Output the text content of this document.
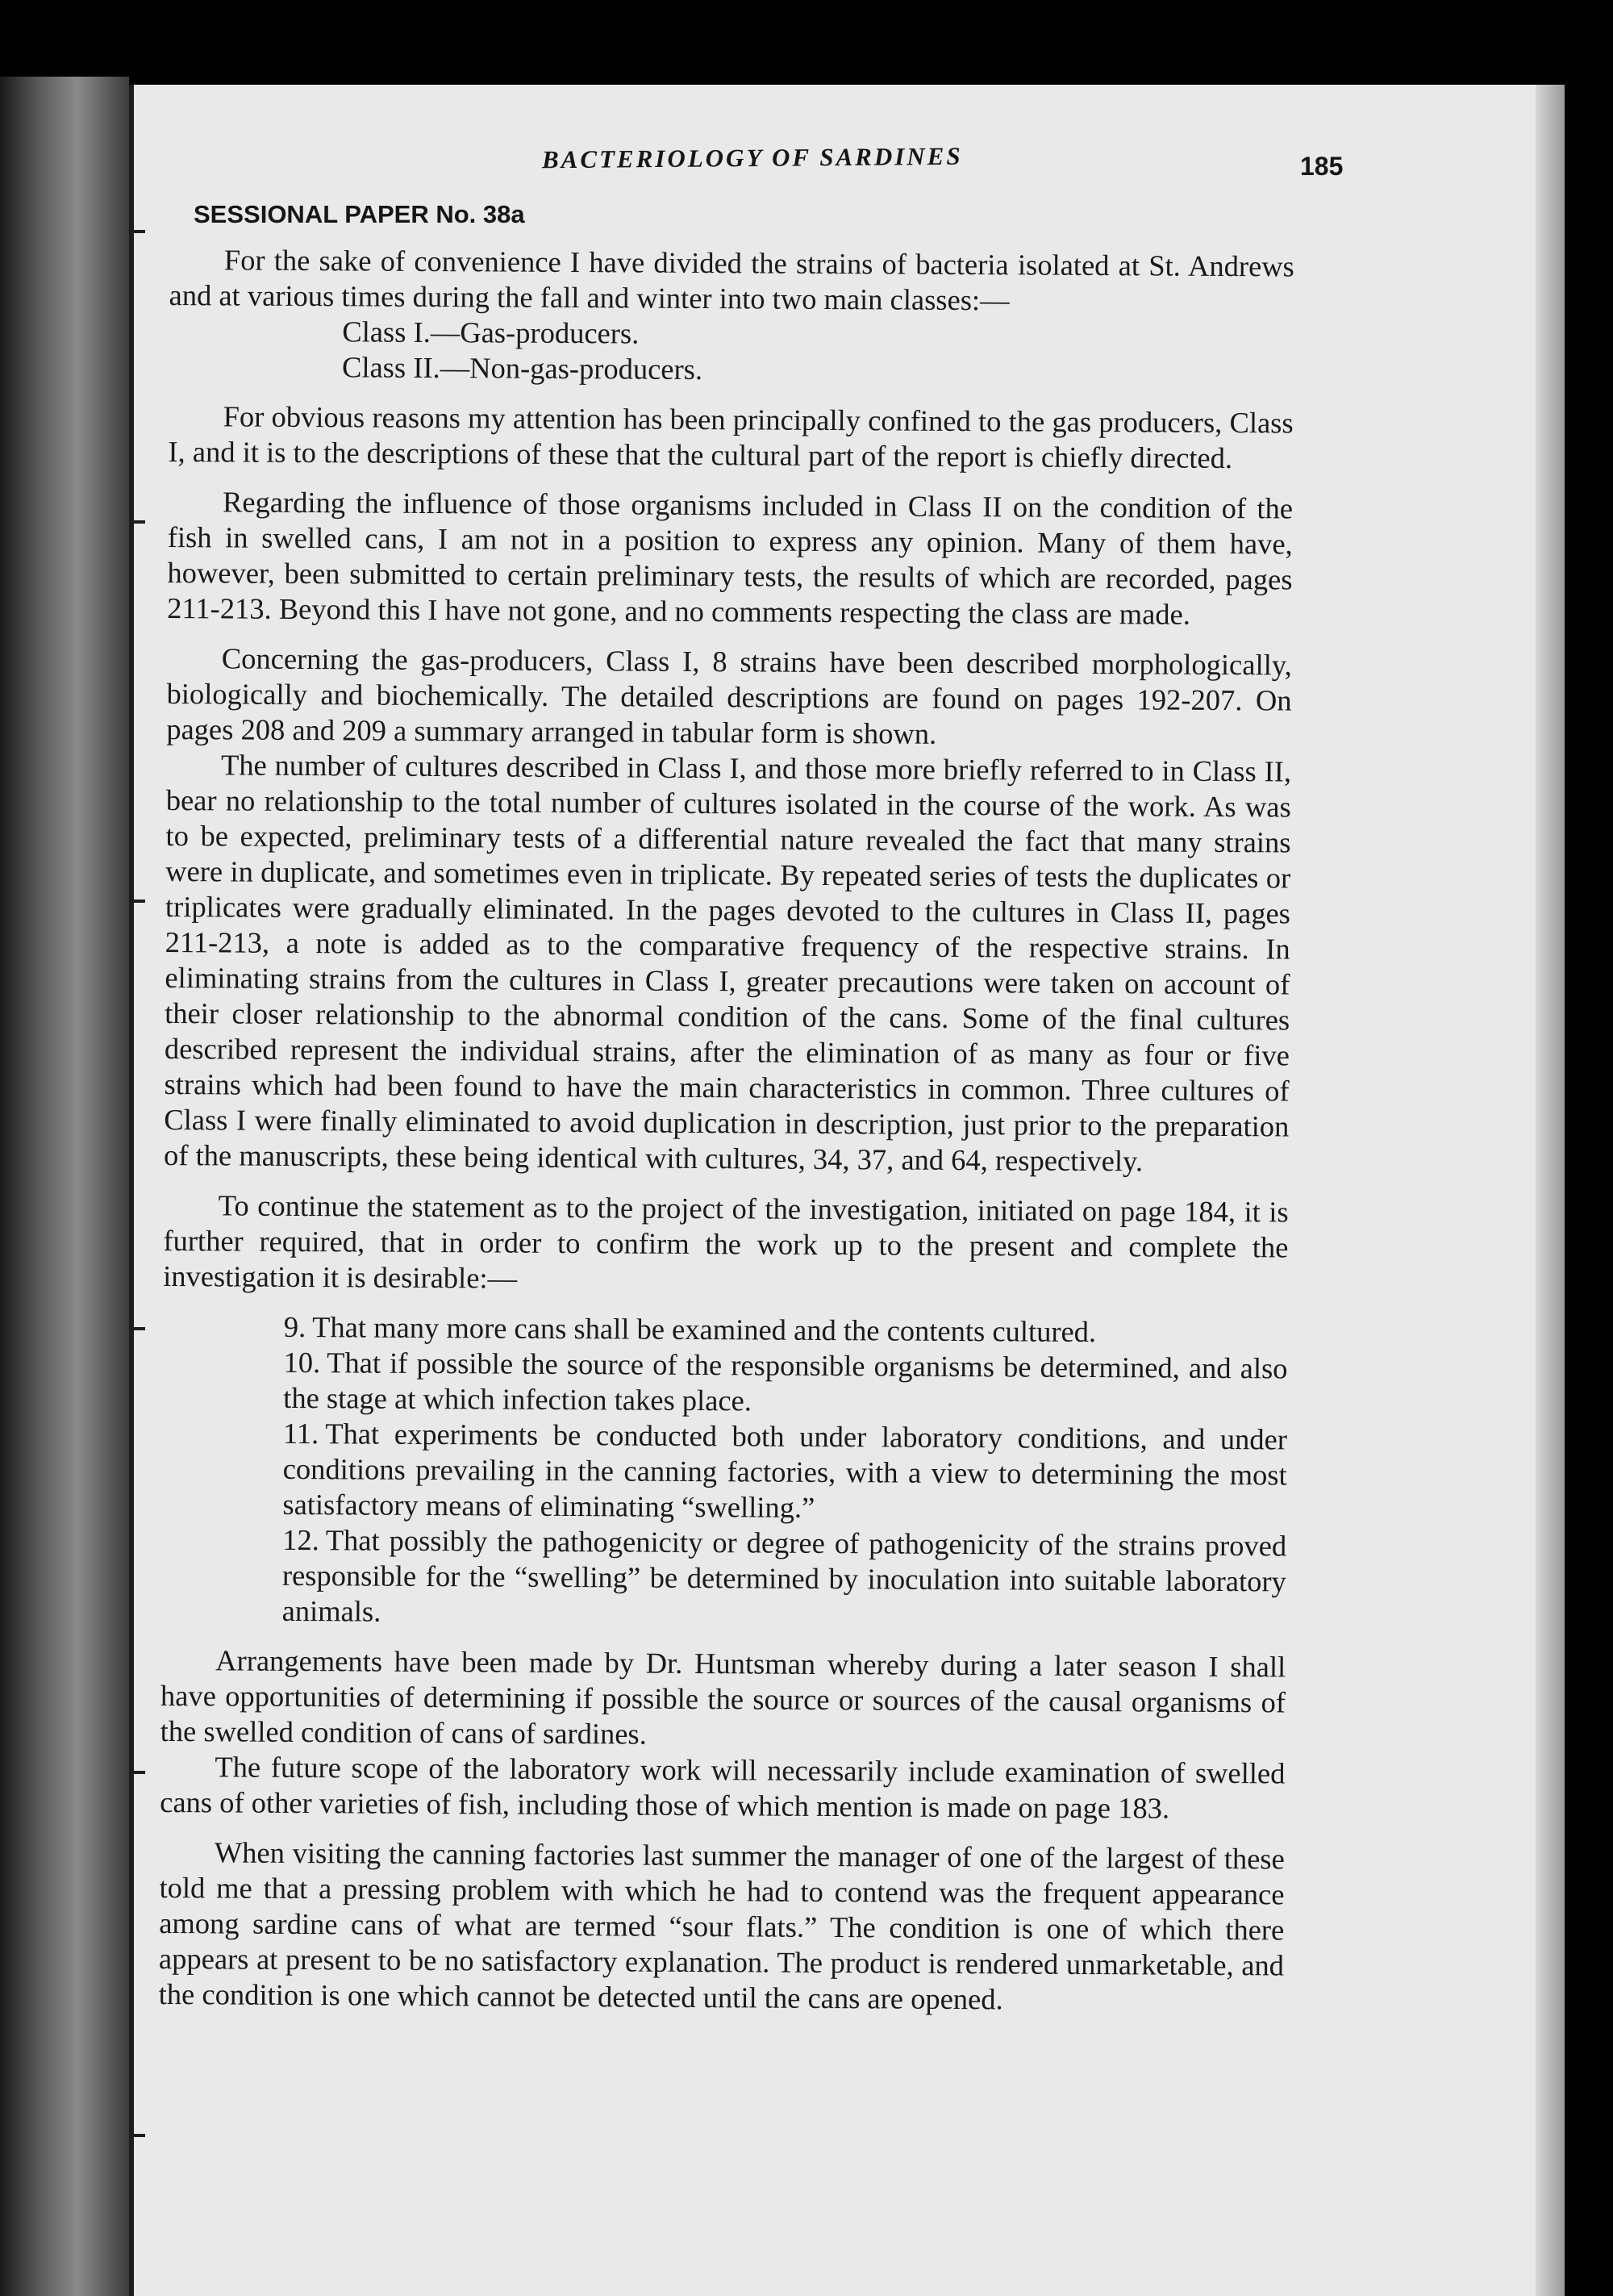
BACTERIOLOGY OF SARDINES	185
SESSIONAL PAPER No. 38a

For the sake of convenience I have divided the strains of bacteria isolated at St. Andrews and at various times during the fall and winter into two main classes:—

Class I.—Gas-producers.

Class II.—Non-gas-producers.

For obvious reasons my attention has been principally confined to the gas producers, Class I, and it is to the descriptions of these that the cultural part of the report is chiefly directed.

Regarding the influence of those organisms included in Class II on the condition of the fish in swelled cans, I am not in a position to express any opinion. Many of them have, however, been submitted to certain preliminary tests, the results of which are recorded, pages 211-213. Beyond this I have not gone, and no comments respecting the class are made.

Concerning the gas-producers, Class I, 8 strains have been described morphologically, biologically and biochemically. The detailed descriptions are found on pages 192-207. On pages 208 and 209 a summary arranged in tabular form is shown.

The number of cultures described in Class I, and those more briefly referred to in Class II, bear no relationship to the total number of cultures isolated in the course of the work. As was to be expected, preliminary tests of a differential nature revealed the fact that many strains were in duplicate, and sometimes even in triplicate. By repeated series of tests the duplicates or triplicates were gradually eliminated. In the pages devoted to the cultures in Class II, pages 211-213, a note is added as to the comparative frequency of the respective strains. In eliminating strains from the cultures in Class I, greater precautions were taken on account of their closer relationship to the abnormal condition of the cans. Some of the final cultures described represent the individual strains, after the elimination of as many as four or five strains which had been found to have the main characteristics in common. Three cultures of Class I were finally eliminated to avoid duplication in description, just prior to the preparation of the manuscripts, these being identical with cultures, 34, 37, and 64, respectively.

To continue the statement as to the project of the investigation, initiated on page 184, it is further required, that in order to confirm the work up to the present and complete the investigation it is desirable:—

9. That many more cans shall be examined and the contents cultured.

10. That if possible the source of the responsible organisms be determined, and also the stage at which infection takes place.

11. That experiments be conducted both under laboratory conditions, and under conditions prevailing in the canning factories, with a view to determining the most satisfactory means of eliminating “swelling.”

12. That possibly the pathogenicity or degree of pathogenicity of the strains proved responsible for the “swelling” be determined by inoculation into suitable laboratory animals.

Arrangements have been made by Dr. Huntsman whereby during a later season I shall have opportunities of determining if possible the source or sources of the causal organisms of the swelled condition of cans of sardines.

The future scope of the laboratory work will necessarily include examination of swelled cans of other varieties of fish, including those of which mention is made on page 183.

When visiting the canning factories last summer the manager of one of the largest of these told me that a pressing problem with which he had to contend was the frequent appearance among sardine cans of what are termed “sour flats.” The condition is one of which there appears at present to be no satisfactory explanation. The product is rendered unmarketable, and the condition is one which cannot be detected until the cans are opened.
